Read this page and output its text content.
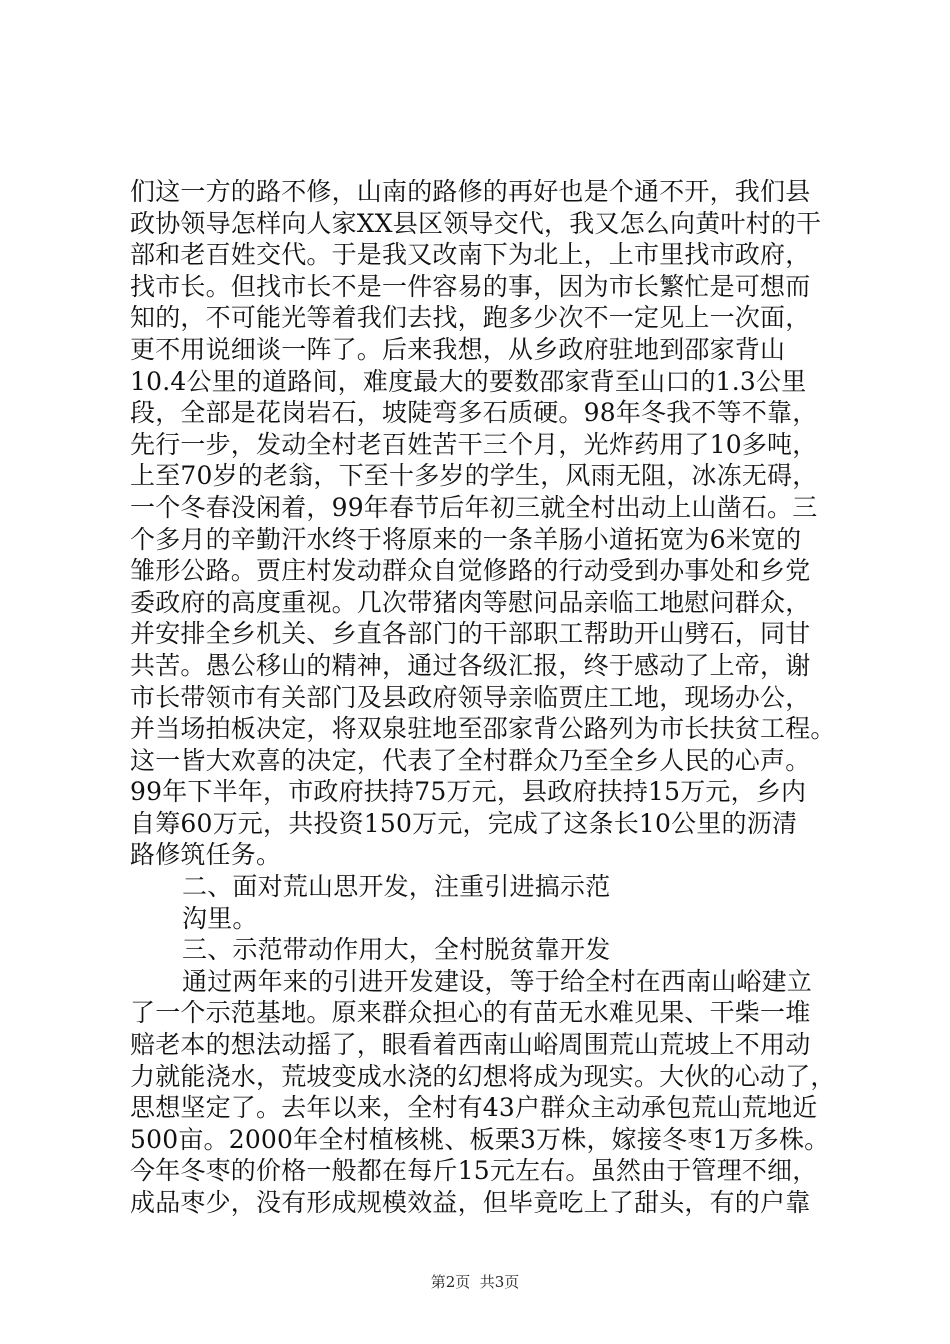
们这一方的路不修，山南的路修的再好也是个通不开，我们县
政协领导怎样向人家XX县区领导交代，我又怎么向黄叶村的干
部和老百姓交代。于是我又改南下为北上，上市里找市政府，
找市长。但找市长不是一件容易的事，因为市长繁忙是可想而
知的，不可能光等着我们去找，跑多少次不一定见上一次面，
更不用说细谈一阵了。后来我想，从乡政府驻地到邵家背山
10.4公里的道路间，难度最大的要数邵家背至山口的1.3公里
段，全部是花岗岩石，坡陡弯多石质硬。98年冬我不等不靠，
先行一步，发动全村老百姓苦干三个月，光炸药用了10多吨，
上至70岁的老翁，下至十多岁的学生，风雨无阻，冰冻无碍，
一个冬春没闲着，99年春节后年初三就全村出动上山凿石。三
个多月的辛勤汗水终于将原来的一条羊肠小道拓宽为6米宽的
雏形公路。贾庄村发动群众自觉修路的行动受到办事处和乡党
委政府的高度重视。几次带猪肉等慰问品亲临工地慰问群众，
并安排全乡机关、乡直各部门的干部职工帮助开山劈石，同甘
共苦。愚公移山的精神，通过各级汇报，终于感动了上帝，谢
市长带领市有关部门及县政府领导亲临贾庄工地，现场办公，
并当场拍板决定，将双泉驻地至邵家背公路列为市长扶贫工程。
这一皆大欢喜的决定，代表了全村群众乃至全乡人民的心声。
99年下半年，市政府扶持75万元，县政府扶持15万元，乡内
自筹60万元，共投资150万元，完成了这条长10公里的沥清
路修筑任务。
二、面对荒山思开发，注重引进搞示范
沟里。
三、示范带动作用大，全村脱贫靠开发
通过两年来的引进开发建设，等于给全村在西南山峪建立
了一个示范基地。原来群众担心的有苗无水难见果、干柴一堆
赔老本的想法动摇了，眼看着西南山峪周围荒山荒坡上不用动
力就能浇水，荒坡变成水浇的幻想将成为现实。大伙的心动了，
思想坚定了。去年以来，全村有43户群众主动承包荒山荒地近
500亩。2000年全村植核桃、板栗3万株，嫁接冬枣1万多株。
今年冬枣的价格一般都在每斤15元左右。虽然由于管理不细，
成品枣少，没有形成规模效益，但毕竟吃上了甜头，有的户靠
第2页  共3页
